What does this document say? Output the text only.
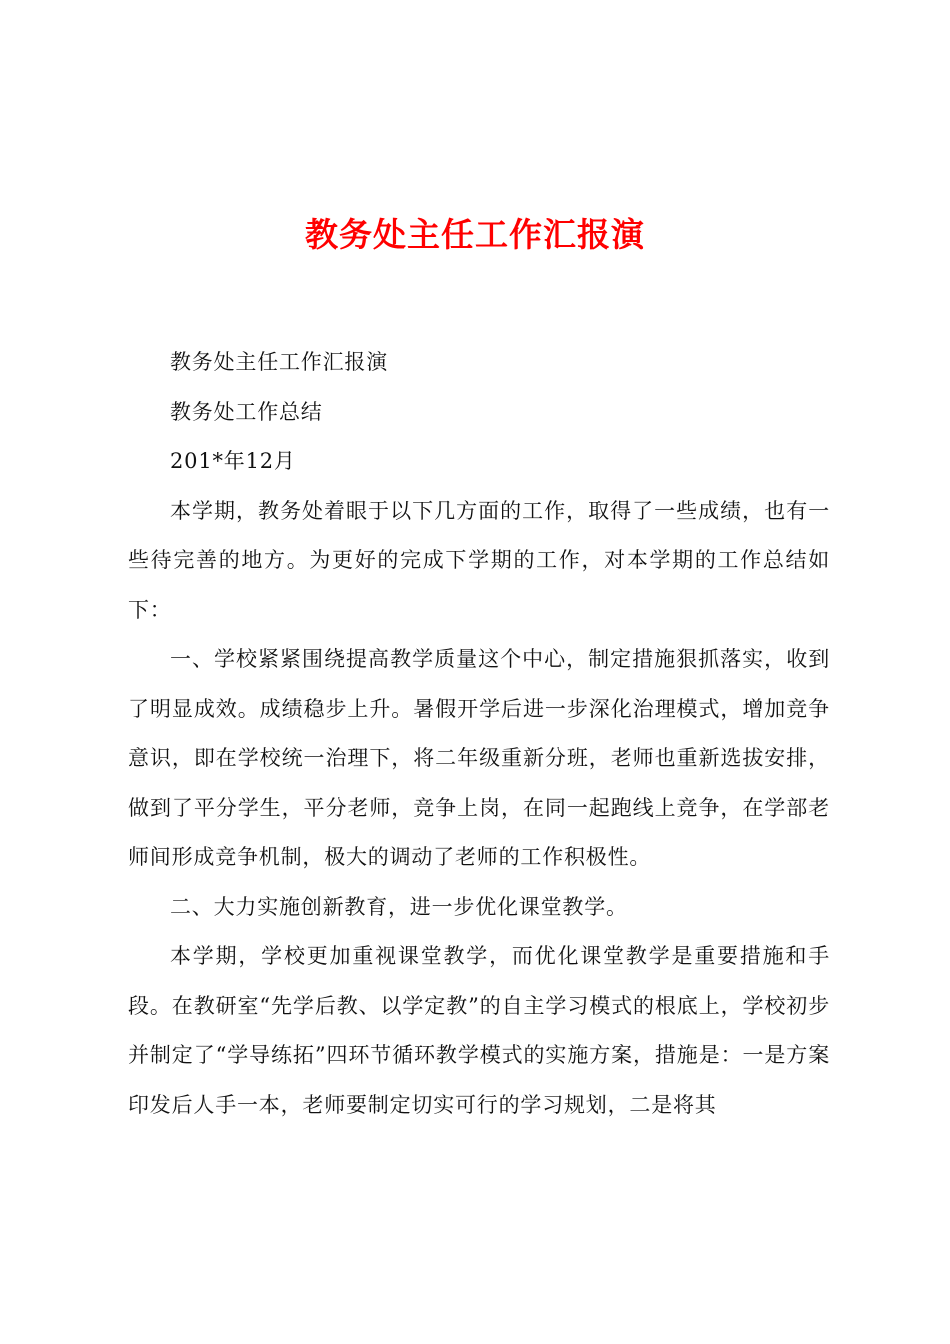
教务处主任工作汇报演

教务处主任工作汇报演

教务处工作总结

201*年12月

本学期，教务处着眼于以下几方面的工作，取得了一些成绩，也有一些待完善的地方。为更好的完成下学期的工作，对本学期的工作总结如下：

一、学校紧紧围绕提高教学质量这个中心，制定措施狠抓落实，收到了明显成效。成绩稳步上升。暑假开学后进一步深化治理模式，增加竞争意识，即在学校统一治理下，将二年级重新分班，老师也重新选拔安排，做到了平分学生，平分老师，竞争上岗，在同一起跑线上竞争，在学部老师间形成竞争机制，极大的调动了老师的工作积极性。

二、大力实施创新教育，进一步优化课堂教学。

本学期，学校更加重视课堂教学，而优化课堂教学是重要措施和手段。在教研室“先学后教、以学定教”的自主学习模式的根底上，学校初步并制定了“学导练拓”四环节循环教学模式的实施方案，措施是：一是方案印发后人手一本，老师要制定切实可行的学习规划，二是将其
